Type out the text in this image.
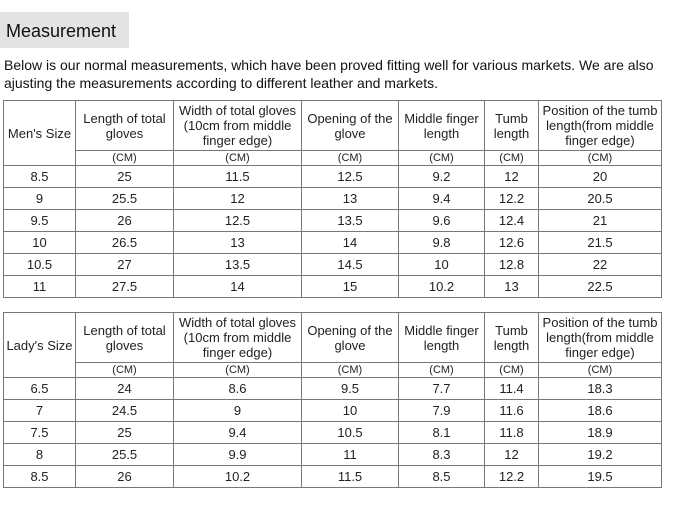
Measurement
Below is our normal measurements, which have been proved fitting well for various markets. We are also
ajusting the measurements according to different leather and markets.
Men's Size	Length of total gloves	Width of total gloves (10cm from middle finger edge)	Opening of the glove	Middle finger length	Tumb length	Position of the tumb length(from middle finger edge)
	(CM)	(CM)	(CM)	(CM)	(CM)	(CM)
8.5	25	11.5	12.5	9.2	12	20
9	25.5	12	13	9.4	12.2	20.5
9.5	26	12.5	13.5	9.6	12.4	21
10	26.5	13	14	9.8	12.6	21.5
10.5	27	13.5	14.5	10	12.8	22
11	27.5	14	15	10.2	13	22.5
Lady's Size	Length of total gloves	Width of total gloves (10cm from middle finger edge)	Opening of the glove	Middle finger length	Tumb length	Position of the tumb length(from middle finger edge)
	(CM)	(CM)	(CM)	(CM)	(CM)	(CM)
6.5	24	8.6	9.5	7.7	11.4	18.3
7	24.5	9	10	7.9	11.6	18.6
7.5	25	9.4	10.5	8.1	11.8	18.9
8	25.5	9.9	11	8.3	12	19.2
8.5	26	10.2	11.5	8.5	12.2	19.5
